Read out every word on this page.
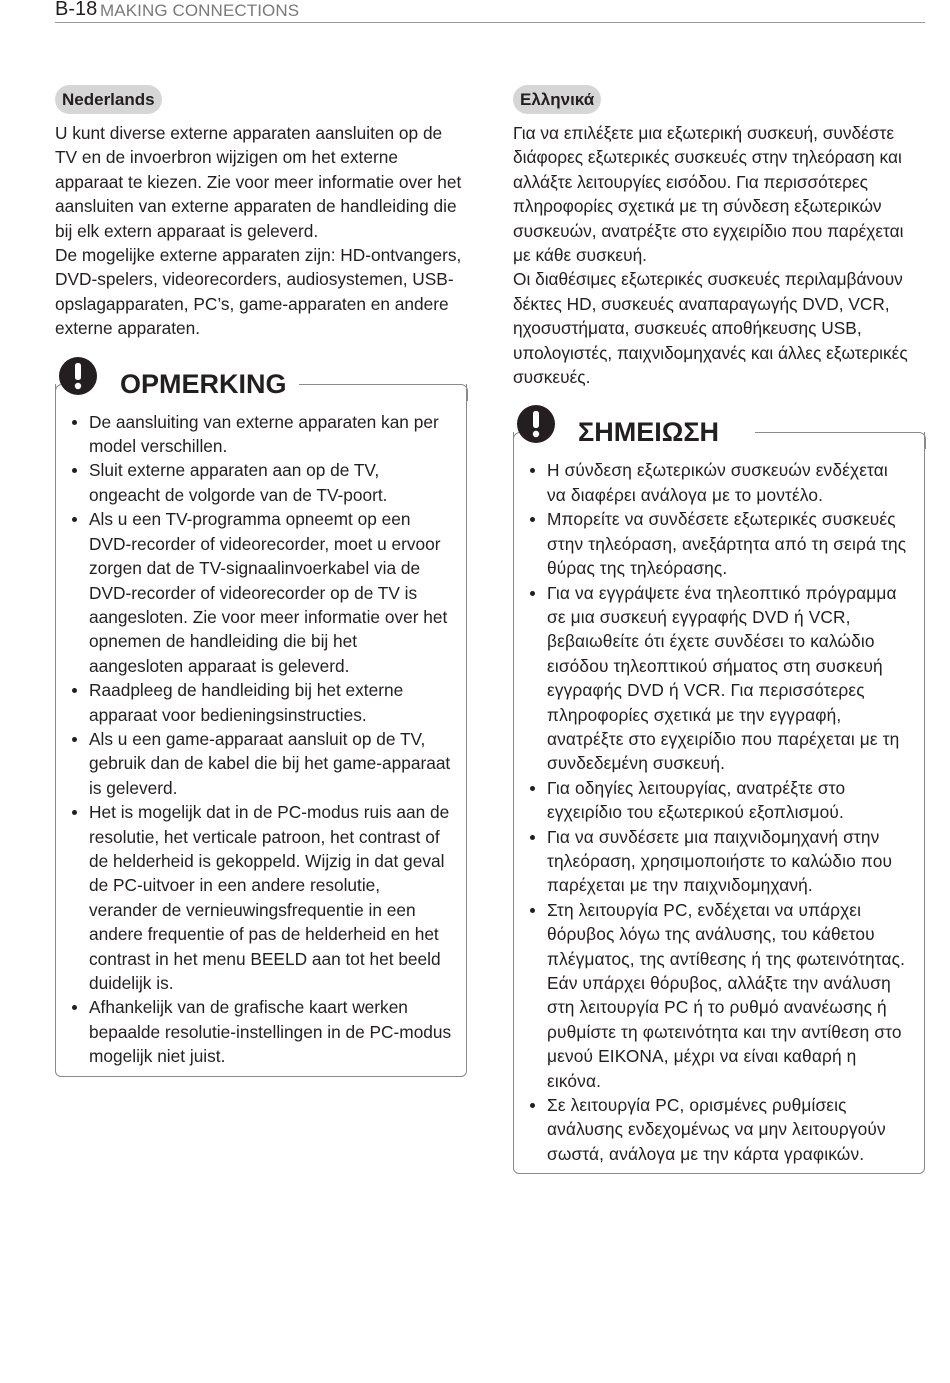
B-18 MAKING CONNECTIONS
Nederlands

U kunt diverse externe apparaten aansluiten op de TV en de invoerbron wijzigen om het externe apparaat te kiezen. Zie voor meer informatie over het aansluiten van externe apparaten de handleiding die bij elk extern apparaat is geleverd.

De mogelijke externe apparaten zijn: HD-ontvangers, DVD-spelers, videorecorders, audiosystemen, USB-opslagapparaten, PC’s, game-apparaten en andere externe apparaten.

OPMERKING
De aansluiting van externe apparaten kan per model verschillen.
Sluit externe apparaten aan op de TV, ongeacht de volgorde van de TV-poort.
Als u een TV-programma opneemt op een DVD-recorder of videorecorder, moet u ervoor zorgen dat de TV-signaalinvoerkabel via de DVD-recorder of videorecorder op de TV is aangesloten. Zie voor meer informatie over het opnemen de handleiding die bij het aangesloten apparaat is geleverd.
Raadpleeg de handleiding bij het externe apparaat voor bedieningsinstructies.
Als u een game-apparaat aansluit op de TV, gebruik dan de kabel die bij het game-apparaat is geleverd.
Het is mogelijk dat in de PC-modus ruis aan de resolutie, het verticale patroon, het contrast of de helderheid is gekoppeld. Wijzig in dat geval de PC-uitvoer in een andere resolutie, verander de vernieuwingsfrequentie in een andere frequentie of pas de helderheid en het contrast in het menu BEELD aan tot het beeld duidelijk is.
Afhankelijk van de grafische kaart werken bepaalde resolutie-instellingen in de PC-modus mogelijk niet juist.
Ελληνικά

Για να επιλέξετε μια εξωτερική συσκευή, συνδέστε διάφορες εξωτερικές συσκευές στην τηλεόραση και αλλάξτε λειτουργίες εισόδου. Για περισσότερες πληροφορίες σχετικά με τη σύνδεση εξωτερικών συσκευών, ανατρέξτε στο εγχειρίδιο που παρέχεται με κάθε συσκευή.

Οι διαθέσιμες εξωτερικές συσκευές περιλαμβάνουν δέκτες HD, συσκευές αναπαραγωγής DVD, VCR, ηχοσυστήματα, συσκευές αποθήκευσης USB, υπολογιστές, παιχνιδομηχανές και άλλες εξωτερικές συσκευές.

ΣΗΜΕΙΩΣΗ
Η σύνδεση εξωτερικών συσκευών ενδέχεται να διαφέρει ανάλογα με το μοντέλο.
Μπορείτε να συνδέσετε εξωτερικές συσκευές στην τηλεόραση, ανεξάρτητα από τη σειρά της θύρας της τηλεόρασης.
Για να εγγράψετε ένα τηλεοπτικό πρόγραμμα σε μια συσκευή εγγραφής DVD ή VCR, βεβαιωθείτε ότι έχετε συνδέσει το καλώδιο εισόδου τηλεοπτικού σήματος στη συσκευή εγγραφής DVD ή VCR. Για περισσότερες πληροφορίες σχετικά με την εγγραφή, ανατρέξτε στο εγχειρίδιο που παρέχεται με τη συνδεδεμένη συσκευή.
Για οδηγίες λειτουργίας, ανατρέξτε στο εγχειρίδιο του εξωτερικού εξοπλισμού.
Για να συνδέσετε μια παιχνιδομηχανή στην τηλεόραση, χρησιμοποιήστε το καλώδιο που παρέχεται με την παιχνιδομηχανή.
Στη λειτουργία PC, ενδέχεται να υπάρχει θόρυβος λόγω της ανάλυσης, του κάθετου πλέγματος, της αντίθεσης ή της φωτεινότητας. Εάν υπάρχει θόρυβος, αλλάξτε την ανάλυση στη λειτουργία PC ή το ρυθμό ανανέωσης ή ρυθμίστε τη φωτεινότητα και την αντίθεση στο μενού ΕΙΚΟΝΑ, μέχρι να είναι καθαρή η εικόνα.
Σε λειτουργία PC, ορισμένες ρυθμίσεις ανάλυσης ενδεχομένως να μην λειτουργούν σωστά, ανάλογα με την κάρτα γραφικών.
